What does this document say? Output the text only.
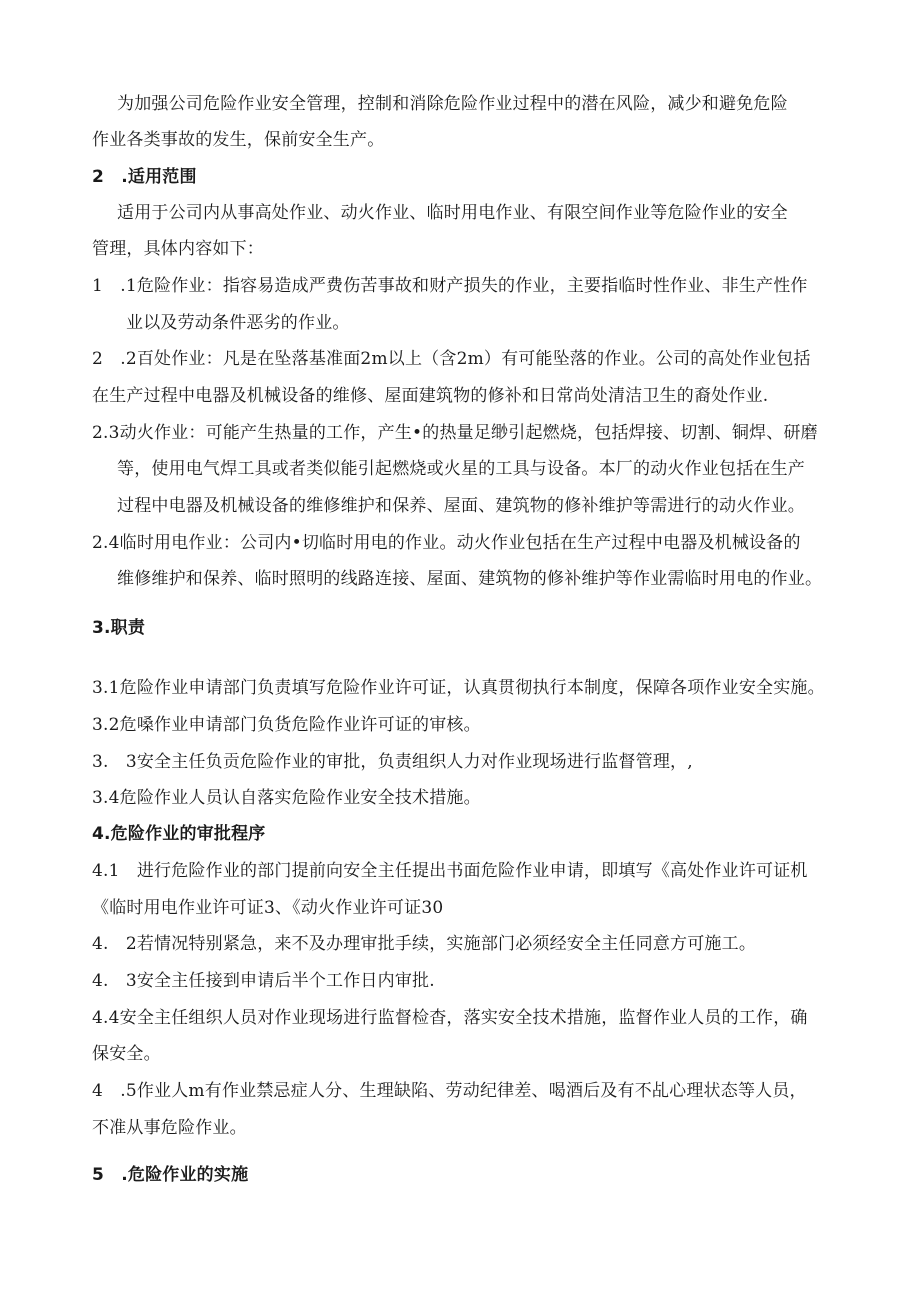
为加强公司危险作业安全管理，控制和消除危险作业过程中的潜在风险，减少和避免危险
作业各类事故的发生，保前安全生产。
2　.适用范围
适用于公司内从事高处作业、动火作业、临时用电作业、有限空间作业等危险作业的安全
管理，具体内容如下：
1　.1危险作业：指容易造成严费伤苦事故和财产损失的作业，主要指临时性作业、非生产性作
业以及劳动条件恶劣的作业。
2　.2百处作业：凡是在坠落基准面2m以上（含2m）有可能坠落的作业。公司的高处作业包括
在生产过程中电器及机械设备的维修、屋面建筑物的修补和日常尚处清洁卫生的裔处作业.
2.3动火作业：可能产生热量的工作，产生•的热量足缈引起燃烧，包括焊接、切割、铜焊、研磨
等，使用电气焊工具或者类似能引起燃烧或火星的工具与设备。本厂的动火作业包括在生产
过程中电器及机械设备的维修维护和保养、屋面、建筑物的修补维护等需进行的动火作业。
2.4临时用电作业：公司内•切临时用电的作业。动火作业包括在生产过程中电器及机械设备的
维修维护和保养、临时照明的线路连接、屋面、建筑物的修补维护等作业需临时用电的作业。
3.职责
3.1危险作业申请部门负责填写危险作业许可证，认真贯彻执行本制度，保障各项作业安全实施。
3.2危嗓作业申请部门负货危险作业许可证的审核。
3.　3安全主任负贡危险作业的审批，负责组织人力对作业现场进行监督管理，,
3.4危险作业人员认自落实危险作业安全技术措施。
4.危险作业的审批程序
4.1　进行危险作业的部门提前向安全主任提出书面危险作业申请，即填写《高处作业许可证机
《临时用电作业许可证3、《动火作业许可证30
4.　2若情况特别紧急，来不及办理审批手续，实施部门必须经安全主任同意方可施工。
4.　3安全主任接到申请后半个工作日内审批.
4.4安全主任组织人员对作业现场进行监督检杳，落实安全技术措施，监督作业人员的工作，确
保安全。
4　.5作业人m有作业禁忌症人分、生理缺陷、劳动纪律差、喝酒后及有不乩心理状态等人员，
不准从事危险作业。
5　.危险作业的实施
